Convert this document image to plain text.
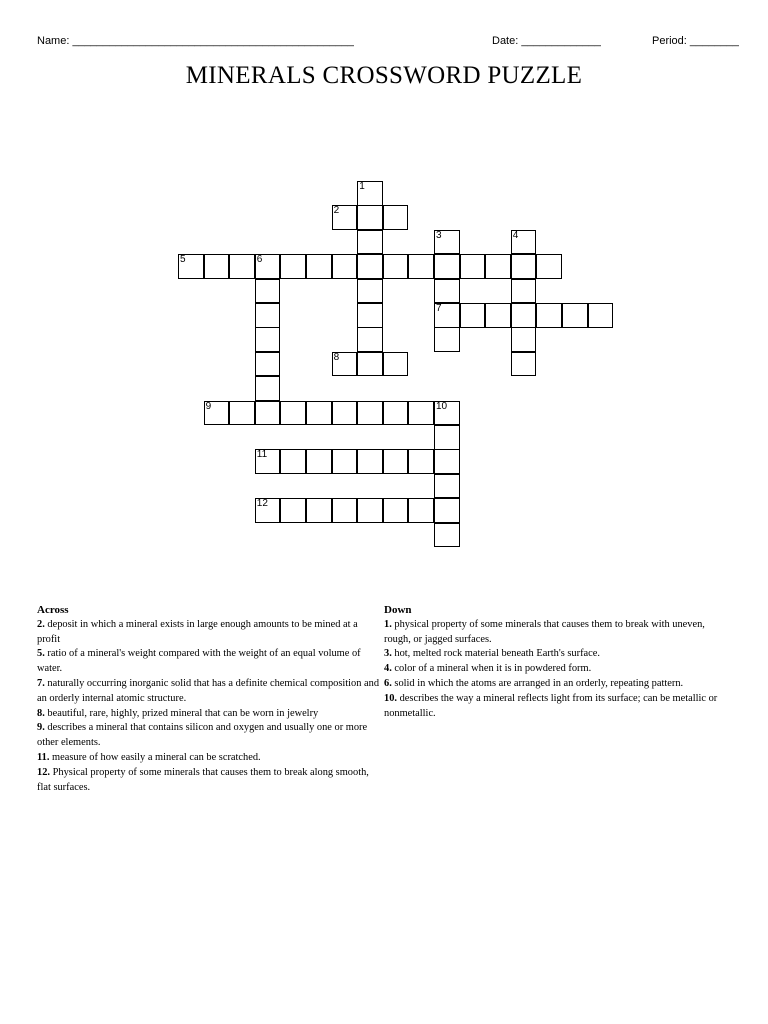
Name: ______________________________________________	Date: _____________	Period: ________
MINERALS CROSSWORD PUZZLE
1
2
3
7
4
5	6
8
9	10
11
12
Across
2. deposit in which a mineral exists in large enough amounts to be mined at a profit
5. ratio of a mineral's weight compared with the weight of an equal volume of water.
7. naturally occurring inorganic solid that has a definite chemical composition and an orderly internal atomic structure.
8. beautiful, rare, highly, prized mineral that can be worn in jewelry
9. describes a mineral that contains silicon and oxygen and usually one or more other elements.
11. measure of how easily a mineral can be scratched.
12. Physical property of some minerals that causes them to break along smooth, flat surfaces.
Down
1. physical property of some minerals that causes them to break with uneven, rough, or jagged surfaces.
3. hot, melted rock material beneath Earth's surface.
4. color of a mineral when it is in powdered form.
6. solid in which the atoms are arranged in an orderly, repeating pattern.
10. describes the way a mineral reflects light from its surface; can be metallic or nonmetallic.
